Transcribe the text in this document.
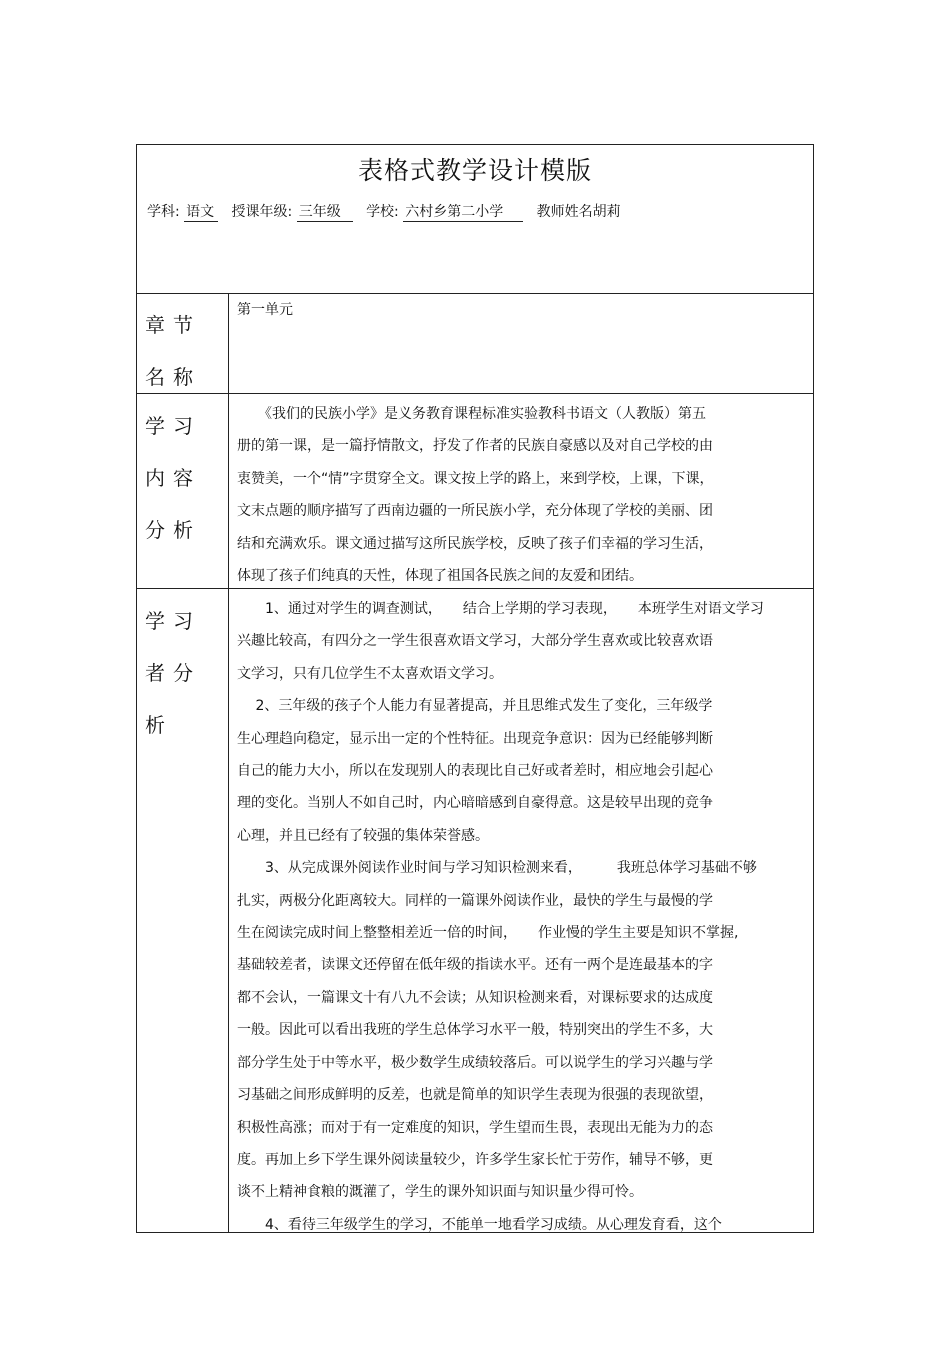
表格式教学设计模版
学科: 语文 授课年级: 三年级 学校: 六村乡第二小学 教师姓名胡莉
章节名称
第一单元
学习内容分析

　　《我们的民族小学》是义务教育课程标准实验教科书语文（人教版）第五

册的第一课，是一篇抒情散文，抒发了作者的民族自豪感以及对自己学校的由

衷赞美，一个“情”字贯穿全文。课文按上学的路上，来到学校，上课，下课，

文末点题的顺序描写了西南边疆的一所民族小学，充分体现了学校的美丽、团

结和充满欢乐。课文通过描写这所民族学校，反映了孩子们幸福的学习生活，

体现了孩子们纯真的天性，体现了祖国各民族之间的友爱和团结。

学习者分析

　　1、通过对学生的调查测试，　　结合上学期的学习表现，　　本班学生对语文学习

兴趣比较高，有四分之一学生很喜欢语文学习，大部分学生喜欢或比较喜欢语

文学习，只有几位学生不太喜欢语文学习。

　 2、三年级的孩子个人能力有显著提高，并且思维式发生了变化，三年级学

生心理趋向稳定，显示出一定的个性特征。出现竞争意识：因为已经能够判断

自己的能力大小，所以在发现别人的表现比自己好或者差时，相应地会引起心

理的变化。当别人不如自己时，内心暗暗感到自豪得意。这是较早出现的竞争

心理，并且已经有了较强的集体荣誉感。

　　3、从完成课外阅读作业时间与学习知识检测来看，　　　我班总体学习基础不够

扎实，两极分化距离较大。同样的一篇课外阅读作业，最快的学生与最慢的学

生在阅读完成时间上整整相差近一倍的时间，　　作业慢的学生主要是知识不掌握,

基础较差者，读课文还停留在低年级的指读水平。还有一两个是连最基本的字

都不会认，一篇课文十有八九不会读；从知识检测来看，对课标要求的达成度

一般。因此可以看出我班的学生总体学习水平一般，特别突出的学生不多，大

部分学生处于中等水平，极少数学生成绩较落后。可以说学生的学习兴趣与学

习基础之间形成鲜明的反差，也就是简单的知识学生表现为很强的表现欲望，

积极性高涨；而对于有一定难度的知识，学生望而生畏，表现出无能为力的态

度。再加上乡下学生课外阅读量较少，许多学生家长忙于劳作，辅导不够，更

谈不上精神食粮的溉灌了，学生的课外知识面与知识量少得可怜。

　　4、看待三年级学生的学习，不能单一地看学习成绩。从心理发育看，这个
